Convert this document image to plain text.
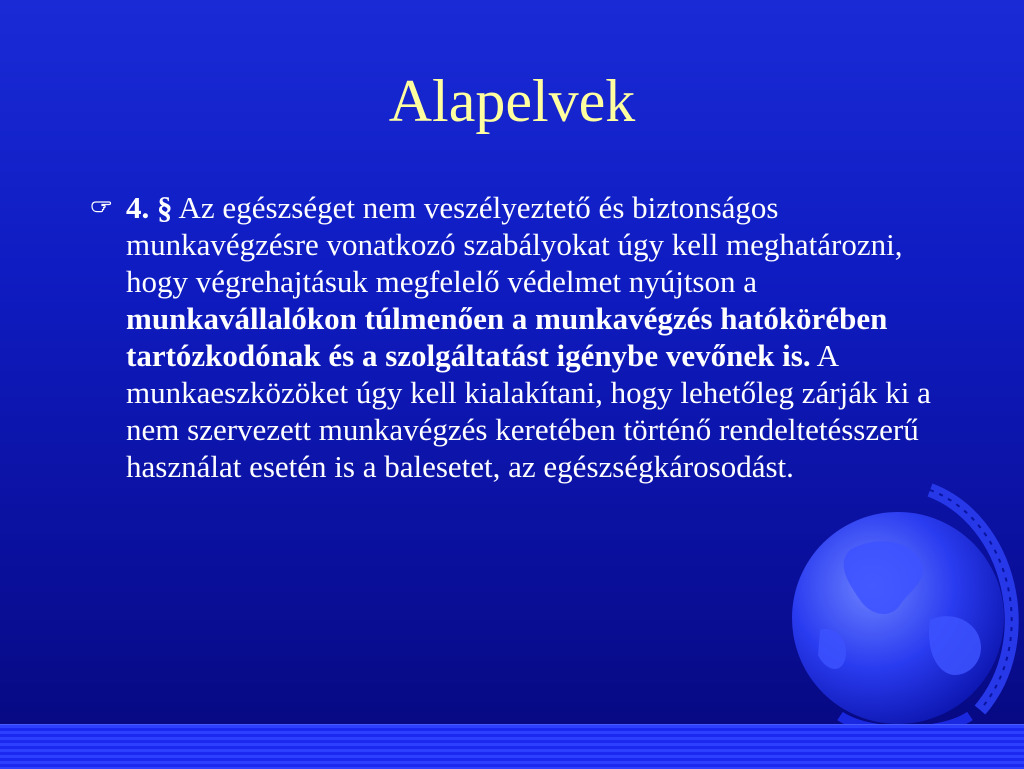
Alapelvek
4. § Az egészséget nem veszélyeztető és biztonságos munkavégzésre vonatkozó szabályokat úgy kell meghatározni, hogy végrehajtásuk megfelelő védelmet nyújtson a munkavállalókon túlmenően a munkavégzés hatókörében tartózkodónak és a szolgáltatást igénybe vevőnek is. A munkaeszközöket úgy kell kialakítani, hogy lehetőleg zárják ki a nem szervezett munkavégzés keretében történő rendeltetésszerű használat esetén is a balesetet, az egészségkárosodást.
